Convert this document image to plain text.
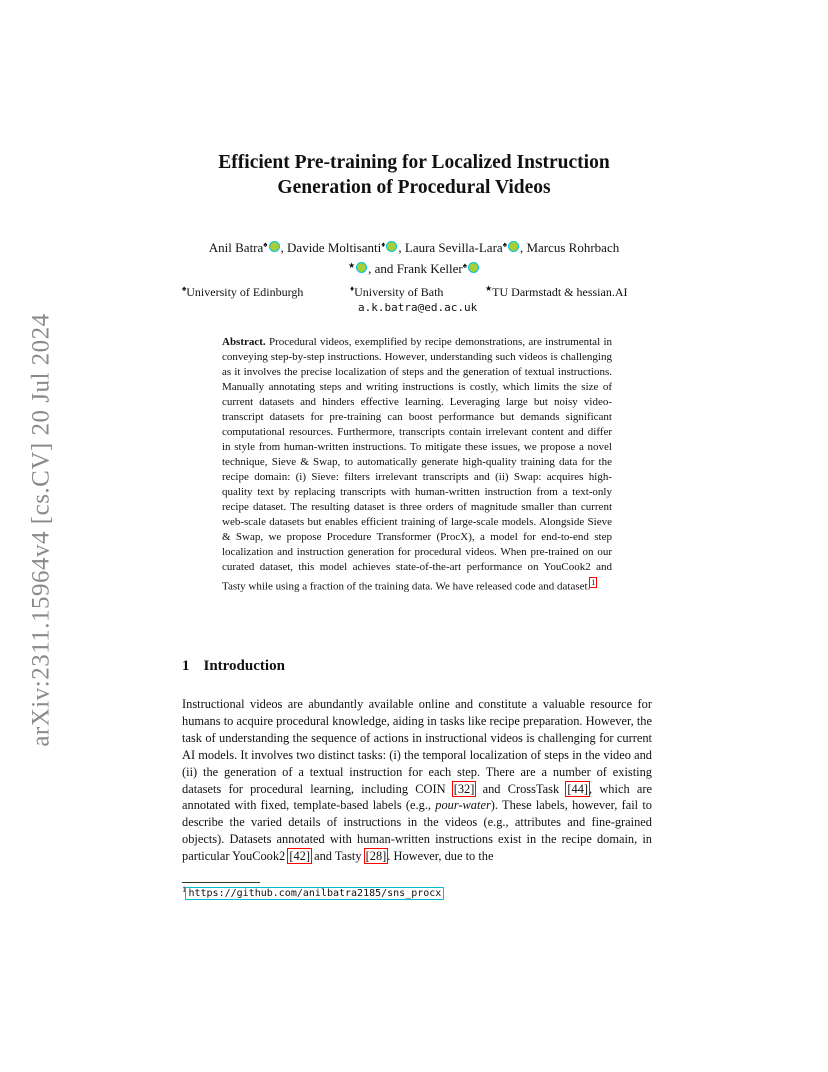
arXiv:2311.15964v4 [cs.CV] 20 Jul 2024
Efficient Pre-training for Localized Instruction
Generation of Procedural Videos
Anil Batra♠ , Davide Moltisanti♦ , Laura Sevilla-Lara♠ , Marcus Rohrbach
★ , and Frank Keller♠
♠University of Edinburgh	♦University of Bath	★TU Darmstadt & hessian.AI
a.k.batra@ed.ac.uk
Abstract. Procedural videos, exemplified by recipe demonstrations, are instrumental in conveying step-by-step instructions. However, understanding such videos is challenging as it involves the precise localization of steps and the generation of textual instructions. Manually annotating steps and writing instructions is costly, which limits the size of current datasets and hinders effective learning. Leveraging large but noisy video-transcript datasets for pre-training can boost performance but demands significant computational resources. Furthermore, transcripts contain irrelevant content and differ in style from human-written instructions. To mitigate these issues, we propose a novel technique, Sieve & Swap, to automatically generate high-quality training data for the recipe domain: (i) Sieve: filters irrelevant transcripts and (ii) Swap: acquires high-quality text by replacing transcripts with human-written instruction from a text-only recipe dataset. The resulting dataset is three orders of magnitude smaller than current web-scale datasets but enables efficient training of large-scale models. Alongside Sieve & Swap, we propose Procedure Transformer (ProcX), a model for end-to-end step localization and instruction generation for procedural videos. When pre-trained on our curated dataset, this model achieves state-of-the-art performance on YouCook2 and Tasty while using a fraction of the training data. We have released code and dataset.$^1$
1 Introduction
Instructional videos are abundantly available online and constitute a valuable resource for humans to acquire procedural knowledge, aiding in tasks like recipe preparation. However, the task of understanding the sequence of actions in instructional videos is challenging for current AI models. It involves two distinct tasks: (i) the temporal localization of steps in the video and (ii) the generation of a textual instruction for each step. There are a number of existing datasets for procedural learning, including COIN [32] and CrossTask [44], which are annotated with fixed, template-based labels (e.g., pour-water). These labels, however, fail to describe the varied details of instructions in the videos (e.g., attributes and fine-grained objects). Datasets annotated with human-written instructions exist in the recipe domain, in particular YouCook2 [42] and Tasty [28]. However, due to the
$^1$ https://github.com/anilbatra2185/sns_procx
